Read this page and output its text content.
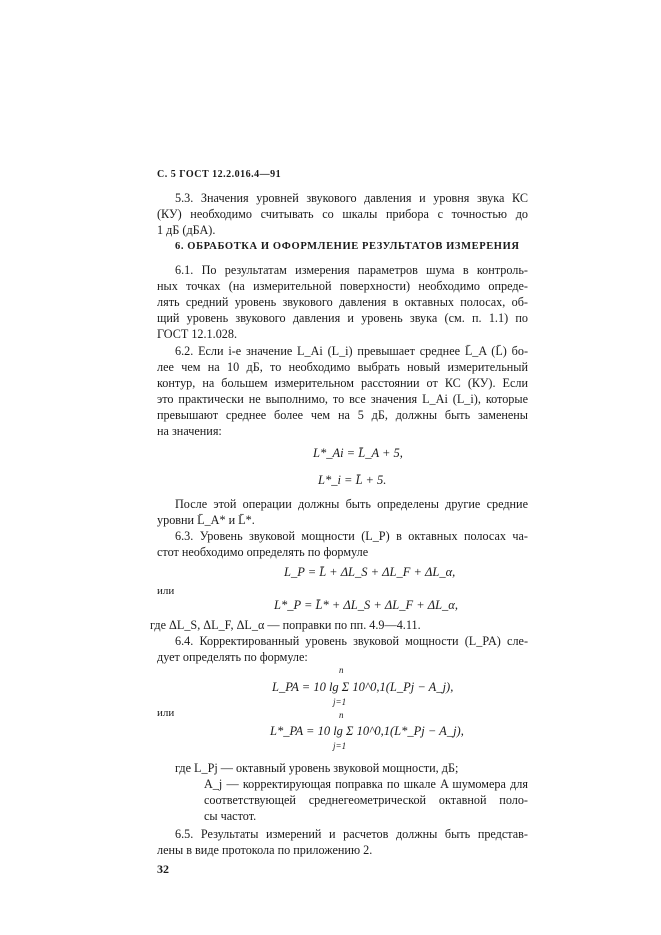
С. 5 ГОСТ 12.2.016.4—91
5.3. Значения уровней звукового давления и уровня звука КС
(КУ) необходимо считывать со шкалы прибора с точностью до
1 дБ (дБА).
6. ОБРАБОТКА И ОФОРМЛЕНИЕ РЕЗУЛЬТАТОВ ИЗМЕРЕНИЯ
6.1. По результатам измерения параметров шума в контроль-
ных точках (на измерительной поверхности) необходимо опреде-
лять средний уровень звукового давления в октавных полосах, об-
щий уровень звукового давления и уровень звука (см. п. 1.1) по
ГОСТ 12.1.028.
6.2. Если i-е значение L_Ai (L_i) превышает среднее L̄_A (L̄) бо-
лее чем на 10 дБ, то необходимо выбрать новый измерительный
контур, на большем измерительном расстоянии от КС (КУ). Если
это практически не выполнимо, то все значения L_Ai (L_i), которые
превышают среднее более чем на 5 дБ, должны быть заменены
на значения:
L*_Ai = L̄_A + 5,
L*_i = L̄ + 5.
После этой операции должны быть определены другие средние
уровни L̄_A* и L̄*.
6.3. Уровень звуковой мощности (L_P) в октавных полосах ча-
стот необходимо определять по формуле
L_P = L̄ + ΔL_S + ΔL_F + ΔL_α,
или
L*_P = L̄* + ΔL_S + ΔL_F + ΔL_α,
где ΔL_S, ΔL_F, ΔL_α — поправки по пп. 4.9—4.11.
6.4. Корректированный уровень звуковой мощности (L_PA) сле-
дует определять по формуле:
L_PA = 10 lg Σ 10^0,1(L_Pj − A_j),
n
j=1
или
L*_PA = 10 lg Σ 10^0,1(L*_Pj − A_j),
n
j=1
где L_Pj — октавный уровень звуковой мощности, дБ;
A_j — корректирующая поправка по шкале A шумомера для
соответствующей среднегеометрической октавной поло-
сы частот.
6.5. Результаты измерений и расчетов должны быть представ-
лены в виде протокола по приложению 2.
32
